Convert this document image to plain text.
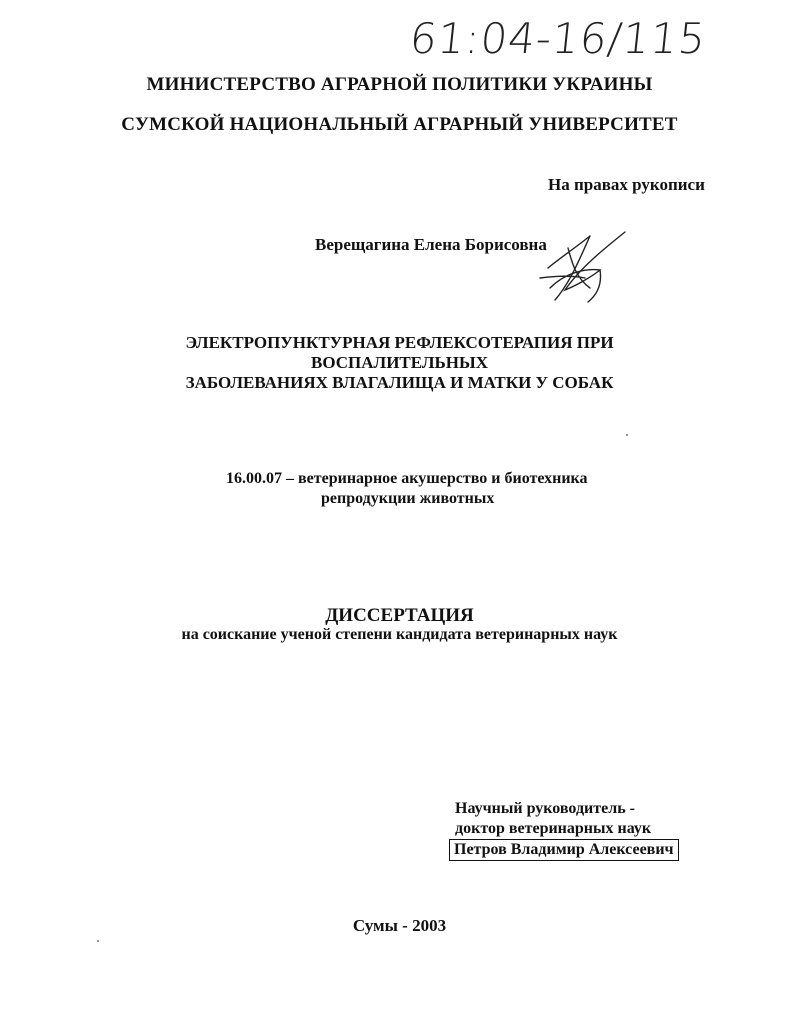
61:04-16/115
МИНИСТЕРСТВО АГРАРНОЙ ПОЛИТИКИ УКРАИНЫ
СУМСКОЙ НАЦИОНАЛЬНЫЙ АГРАРНЫЙ УНИВЕРСИТЕТ
На правах рукописи
Верещагина Елена Борисовна
ЭЛЕКТРОПУНКТУРНАЯ РЕФЛЕКСОТЕРАПИЯ ПРИ
ВОСПАЛИТЕЛЬНЫХ
ЗАБОЛЕВАНИЯХ ВЛАГАЛИЩА И МАТКИ У СОБАК
16.00.07 – ветеринарное акушерство и биотехника
репродукции животных
ДИССЕРТАЦИЯ
на соискание ученой степени кандидата ветеринарных наук
Научный руководитель -
доктор ветеринарных наук
Петров Владимир Алексеевич
Сумы - 2003
